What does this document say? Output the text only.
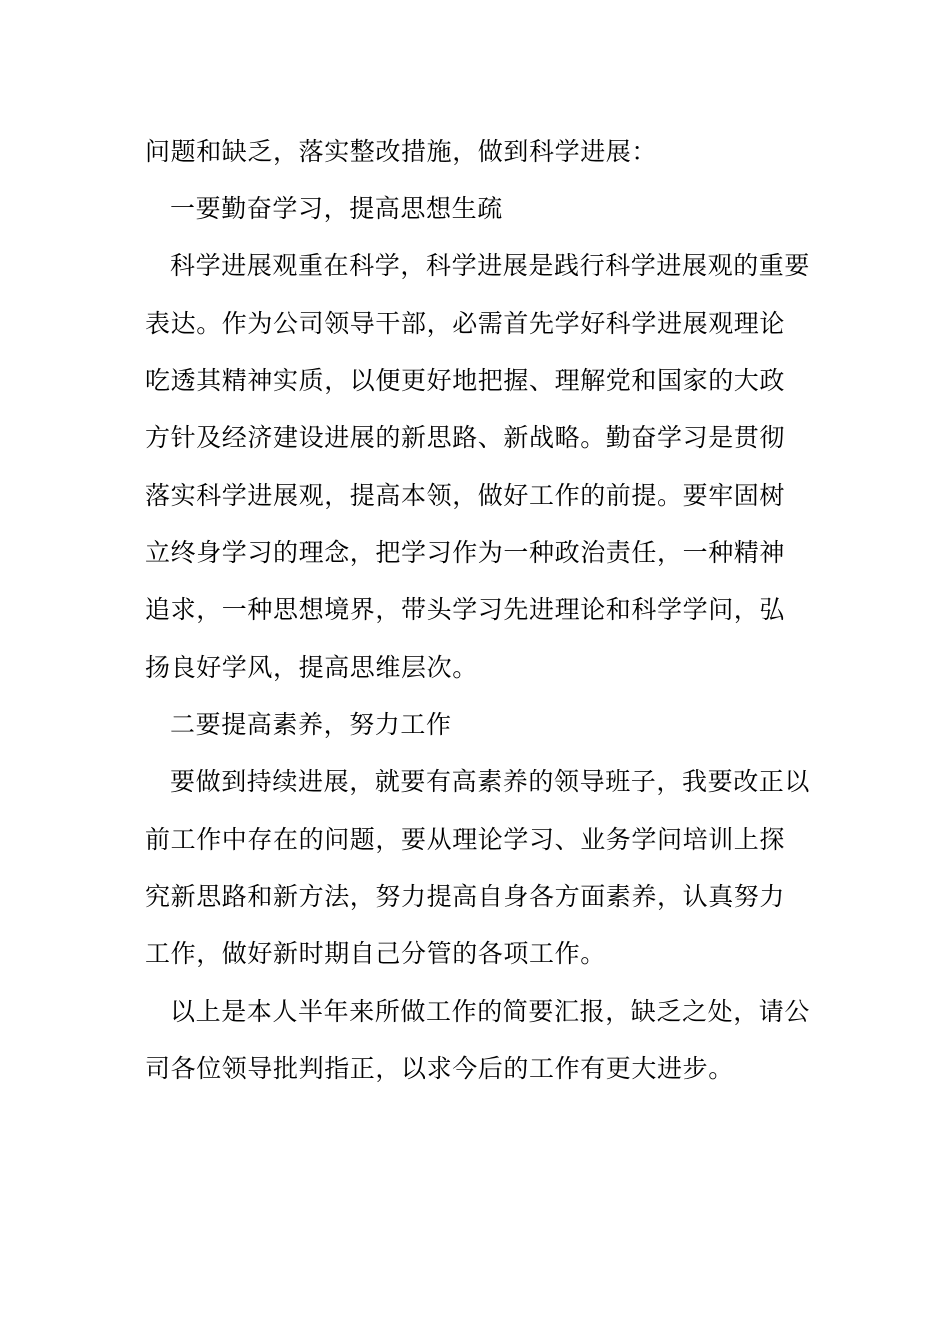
问题和缺乏，落实整改措施，做到科学进展：
一要勤奋学习，提高思想生疏
科学进展观重在科学，科学进展是践行科学进展观的重要
表达。作为公司领导干部，必需首先学好科学进展观理论
吃透其精神实质，以便更好地把握、理解党和国家的大政
方针及经济建设进展的新思路、新战略。勤奋学习是贯彻
落实科学进展观，提高本领，做好工作的前提。要牢固树
立终身学习的理念，把学习作为一种政治责任，一种精神
追求，一种思想境界，带头学习先进理论和科学学问，弘
扬良好学风，提高思维层次。
二要提高素养，努力工作
要做到持续进展，就要有高素养的领导班子，我要改正以
前工作中存在的问题，要从理论学习、业务学问培训上探
究新思路和新方法，努力提高自身各方面素养，认真努力
工作，做好新时期自己分管的各项工作。
以上是本人半年来所做工作的简要汇报，缺乏之处，请公
司各位领导批判指正，以求今后的工作有更大进步。
